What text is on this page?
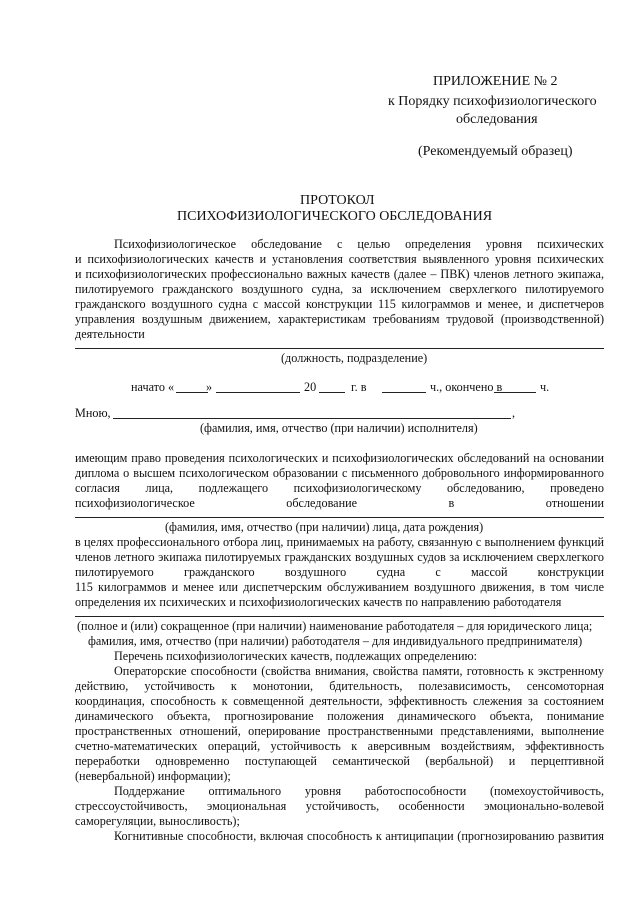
ПРИЛОЖЕНИЕ № 2
к Порядку психофизиологического
обследования
(Рекомендуемый образец)
ПРОТОКОЛ
ПСИХОФИЗИОЛОГИЧЕСКОГО ОБСЛЕДОВАНИЯ

Психофизиологическое обследование с целью определения уровня психических

и психофизиологических качеств и установления соответствия выявленного уровня психических

и психофизиологических профессионально важных качеств (далее – ПВК) членов летного экипажа,

пилотируемого гражданского воздушного судна, за исключением сверхлегкого пилотируемого

гражданского воздушного судна с массой конструкции 115 килограммов и менее, и диспетчеров

управления воздушным движением, характеристикам требованиям трудовой (производственной)

деятельности
(должность, подразделение)
начато «	»	20	г. в	ч., окончено в	ч.
Мною,	,
(фамилия, имя, отчество (при наличии) исполнителя)

имеющим право проведения психологических и психофизиологических обследований на основании

диплома о высшем психологическом образовании с письменного добровольного информированного

согласия лица, подлежащего психофизиологическому обследованию, проведено

психофизиологическое обследование в отношении

(фамилия, имя, отчество (при наличии) лица, дата рождения)

в целях профессионального отбора лиц, принимаемых на работу, связанную с выполнением функций

членов летного экипажа пилотируемых гражданских воздушных судов за исключением сверхлегкого

пилотируемого гражданского воздушного судна с массой конструкции

115 килограммов и менее или диспетчерским обслуживанием воздушного движения, в том числе

определения их психических и психофизиологических качеств по направлению работодателя
(полное и (или) сокращенное (при наличии) наименование работодателя – для юридического лица;
фамилия, имя, отчество (при наличии) работодателя – для индивидуального предпринимателя)
Перечень психофизиологических качеств, подлежащих определению:

Операторские способности (свойства внимания, свойства памяти, готовность к экстренному

действию, устойчивость к монотонии, бдительность, полезависимость, сенсомоторная

координация, способность к совмещенной деятельности, эффективность слежения за состоянием

динамического объекта, прогнозирование положения динамического объекта, понимание

пространственных отношений, оперирование пространственными представлениями, выполнение

счетно-математических операций, устойчивость к аверсивным воздействиям, эффективность

переработки одновременно поступающей семантической (вербальной) и перцептивной

(невербальной) информации);

Поддержание оптимального уровня работоспособности (помехоустойчивость,

стрессоустойчивость, эмоциональная устойчивость, особенности эмоционально-волевой

саморегуляции, выносливость);

Когнитивные способности, включая способность к антиципации (прогнозированию развития
